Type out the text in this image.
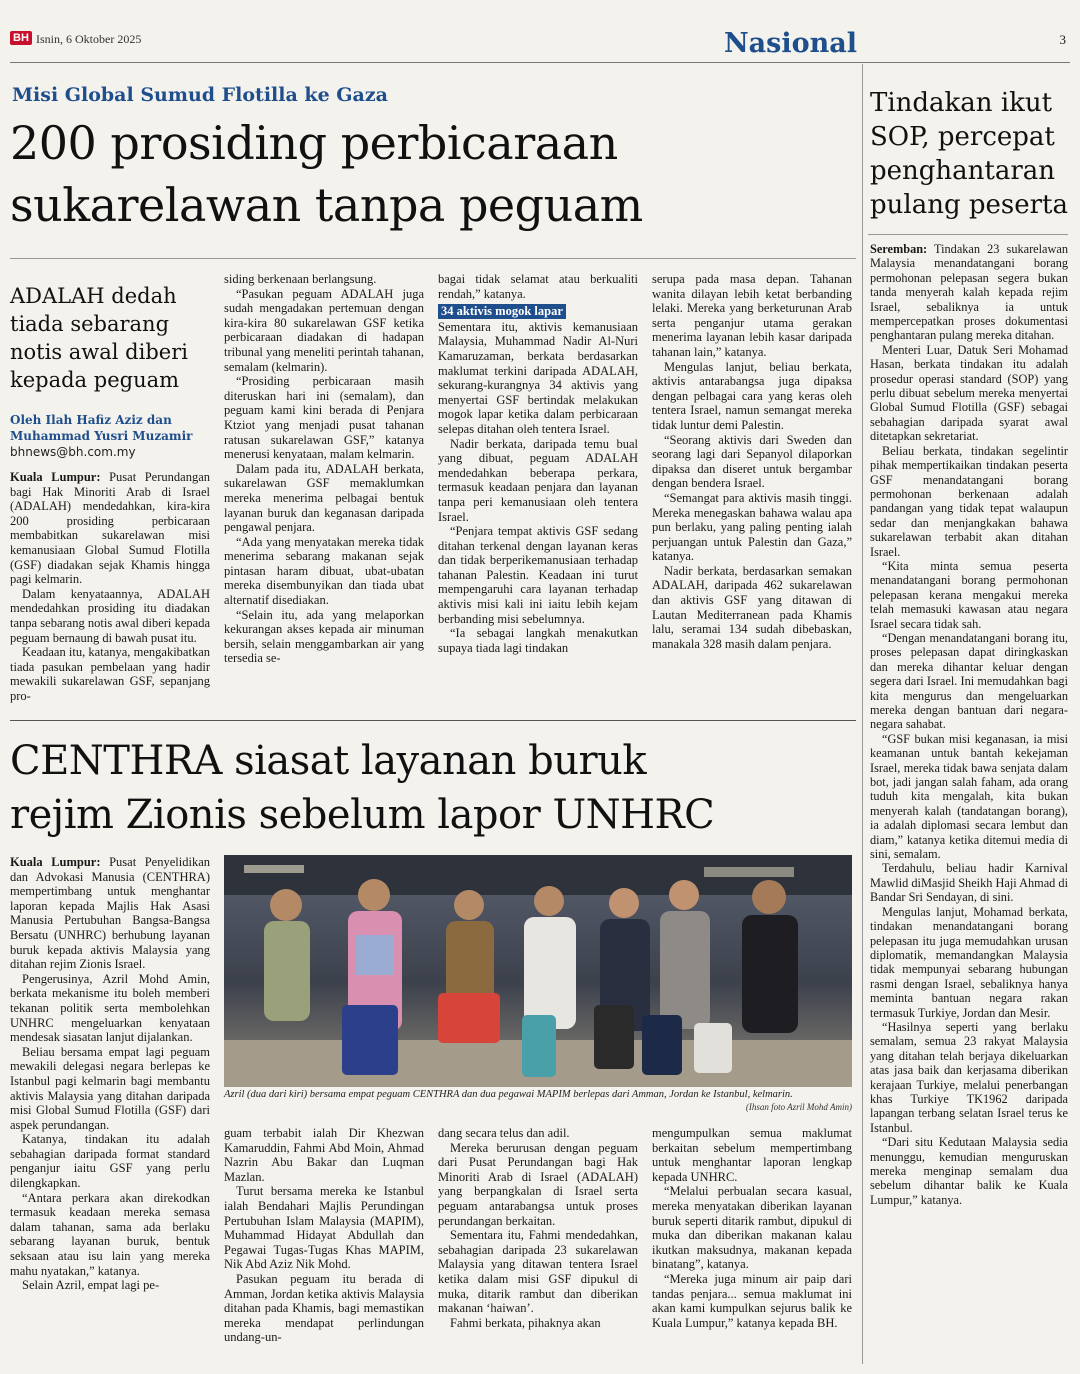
BH Isnin, 6 Oktober 2025	Nasional	3
Misi Global Sumud Flotilla ke Gaza
200 prosiding perbicaraan
sukarelawan tanpa peguam
ADALAH dedah
tiada sebarang
notis awal diberi
kepada peguam
Oleh Ilah Hafiz Aziz dan
Muhammad Yusri Muzamir
bhnews@bh.com.my

Kuala Lumpur: Pusat Perundangan bagi Hak Minoriti Arab di Israel (ADALAH) mendedahkan, kira-kira 200 prosiding perbicaraan membabitkan sukarelawan misi kemanusiaan Global Sumud Flotilla (GSF) diadakan sejak Khamis hingga pagi kelmarin.

Dalam kenyataannya, ADALAH mendedahkan prosiding itu diadakan tanpa sebarang notis awal diberi kepada peguam bernaung di bawah pusat itu.

Keadaan itu, katanya, mengakibatkan tiada pasukan pembelaan yang hadir mewakili sukarelawan GSF, sepanjang pro-

siding berkenaan berlangsung.

“Pasukan peguam ADALAH juga sudah mengadakan pertemuan dengan kira-kira 80 sukarelawan GSF ketika perbicaraan diadakan di hadapan tribunal yang meneliti perintah tahanan, semalam (kelmarin).

“Prosiding perbicaraan masih diteruskan hari ini (semalam), dan peguam kami kini berada di Penjara Ktziot yang menjadi pusat tahanan ratusan sukarelawan GSF,” katanya menerusi kenyataan, malam kelmarin.

Dalam pada itu, ADALAH berkata, sukarelawan GSF memaklumkan mereka menerima pelbagai bentuk layanan buruk dan keganasan daripada pengawal penjara.

“Ada yang menyatakan mereka tidak menerima sebarang makanan sejak pintasan haram dibuat, ubat-ubatan mereka disembunyikan dan tiada ubat alternatif disediakan.

“Selain itu, ada yang melaporkan kekurangan akses kepada air minuman bersih, selain menggambarkan air yang tersedia se-

bagai tidak selamat atau berkualiti rendah,” katanya.

34 aktivis mogok lapar

Sementara itu, aktivis kemanusiaan Malaysia, Muhammad Nadir Al-Nuri Kamaruzaman, berkata berdasarkan maklumat terkini daripada ADALAH, sekurang-kurangnya 34 aktivis yang menyertai GSF bertindak melakukan mogok lapar ketika dalam perbicaraan selepas ditahan oleh tentera Israel.

Nadir berkata, daripada temu bual yang dibuat, peguam ADALAH mendedahkan beberapa perkara, termasuk keadaan penjara dan layanan tanpa peri kemanusiaan oleh tentera Israel.

“Penjara tempat aktivis GSF sedang ditahan terkenal dengan layanan keras dan tidak berperikemanusiaan terhadap tahanan Palestin. Keadaan ini turut mempengaruhi cara layanan terhadap aktivis misi kali ini iaitu lebih kejam berbanding misi sebelumnya.

“Ia sebagai langkah menakutkan supaya tiada lagi tindakan

serupa pada masa depan. Tahanan wanita dilayan lebih ketat berbanding lelaki. Mereka yang berketurunan Arab serta penganjur utama gerakan menerima layanan lebih kasar daripada tahanan lain,” katanya.

Mengulas lanjut, beliau berkata, aktivis antarabangsa juga dipaksa dengan pelbagai cara yang keras oleh tentera Israel, namun semangat mereka tidak luntur demi Palestin.

“Seorang aktivis dari Sweden dan seorang lagi dari Sepanyol dilaporkan dipaksa dan diseret untuk bergambar dengan bendera Israel.

“Semangat para aktivis masih tinggi. Mereka menegaskan bahawa walau apa pun berlaku, yang paling penting ialah perjuangan untuk Palestin dan Gaza,” katanya.

Nadir berkata, berdasarkan semakan ADALAH, daripada 462 sukarelawan dan aktivis GSF yang ditawan di Lautan Mediterranean pada Khamis lalu, seramai 134 sudah dibebaskan, manakala 328 masih dalam penjara.

Tindakan ikut
SOP, percepat
penghantaran
pulang peserta

Seremban: Tindakan 23 sukarelawan Malaysia menandatangani borang permohonan pelepasan segera bukan tanda menyerah kalah kepada rejim Israel, sebaliknya ia untuk mempercepatkan proses dokumentasi penghantaran pulang mereka ditahan.

Menteri Luar, Datuk Seri Mohamad Hasan, berkata tindakan itu adalah prosedur operasi standard (SOP) yang perlu dibuat sebelum mereka menyertai Global Sumud Flotilla (GSF) sebagai sebahagian daripada syarat awal ditetapkan sekretariat.

Beliau berkata, tindakan segelintir pihak mempertikaikan tindakan peserta GSF menandatangani borang permohonan berkenaan adalah pandangan yang tidak tepat walaupun sedar dan menjangkakan bahawa sukarelawan terbabit akan ditahan Israel.

“Kita minta semua peserta menandatangani borang permohonan pelepasan kerana mengakui mereka telah memasuki kawasan atau negara Israel secara tidak sah.

“Dengan menandatangani borang itu, proses pelepasan dapat diringkaskan dan mereka dihantar keluar dengan segera dari Israel. Ini memudahkan bagi kita mengurus dan mengeluarkan mereka dengan bantuan dari negara-negara sahabat.

“GSF bukan misi keganasan, ia misi keamanan untuk bantah kekejaman Israel, mereka tidak bawa senjata dalam bot, jadi jangan salah faham, ada orang tuduh kita mengalah, kita bukan menyerah kalah (tandatangan borang), ia adalah diplomasi secara lembut dan diam,” katanya ketika ditemui media di sini, semalam.

Terdahulu, beliau hadir Karnival Mawlid diMasjid Sheikh Haji Ahmad di Bandar Sri Sendayan, di sini.

Mengulas lanjut, Mohamad berkata, tindakan menandatangani borang pelepasan itu juga memudahkan urusan diplomatik, memandangkan Malaysia tidak mempunyai sebarang hubungan rasmi dengan Israel, sebaliknya hanya meminta bantuan negara rakan termasuk Turkiye, Jordan dan Mesir.

“Hasilnya seperti yang berlaku semalam, semua 23 rakyat Malaysia yang ditahan telah berjaya dikeluarkan atas jasa baik dan kerjasama diberikan kerajaan Turkiye, melalui penerbangan khas Turkiye TK1962 daripada lapangan terbang selatan Israel terus ke Istanbul.

“Dari situ Kedutaan Malaysia sedia menunggu, kemudian menguruskan mereka menginap semalam dua sebelum dihantar balik ke Kuala Lumpur,” katanya.

CENTHRA siasat layanan buruk
rejim Zionis sebelum lapor UNHRC

Kuala Lumpur: Pusat Penyelidikan dan Advokasi Manusia (CENTHRA) mempertimbang untuk menghantar laporan kepada Majlis Hak Asasi Manusia Pertubuhan Bangsa-Bangsa Bersatu (UNHRC) berhubung layanan buruk kepada aktivis Malaysia yang ditahan rejim Zionis Israel.

Pengerusinya, Azril Mohd Amin, berkata mekanisme itu boleh memberi tekanan politik serta membolehkan UNHRC mengeluarkan kenyataan mendesak siasatan lanjut dijalankan.

Beliau bersama empat lagi peguam mewakili delegasi negara berlepas ke Istanbul pagi kelmarin bagi membantu aktivis Malaysia yang ditahan daripada misi Global Sumud Flotilla (GSF) dari aspek perundangan.

Katanya, tindakan itu adalah sebahagian daripada format standard penganjur iaitu GSF yang perlu dilengkapkan.

“Antara perkara akan direkodkan termasuk keadaan mereka semasa dalam tahanan, sama ada berlaku sebarang layanan buruk, bentuk seksaan atau isu lain yang mereka mahu nyatakan,” katanya.

Selain Azril, empat lagi pe-

Azril (dua dari kiri) bersama empat peguam CENTHRA dan dua pegawai MAPIM berlepas dari Amman, Jordan ke Istanbul, kelmarin.
(Ihsan foto Azril Mohd Amin)

guam terbabit ialah Dir Khezwan Kamaruddin, Fahmi Abd Moin, Ahmad Nazrin Abu Bakar dan Luqman Mazlan.

Turut bersama mereka ke Istanbul ialah Bendahari Majlis Perundingan Pertubuhan Islam Malaysia (MAPIM), Muhammad Hidayat Abdullah dan Pegawai Tugas-Tugas Khas MAPIM, Nik Abd Aziz Nik Mohd.

Pasukan peguam itu berada di Amman, Jordan ketika aktivis Malaysia ditahan pada Khamis, bagi memastikan mereka mendapat perlindungan undang-un-

dang secara telus dan adil.

Mereka berurusan dengan peguam dari Pusat Perundangan bagi Hak Minoriti Arab di Israel (ADALAH) yang berpangkalan di Israel serta peguam antarabangsa untuk proses perundangan berkaitan.

Sementara itu, Fahmi mendedahkan, sebahagian daripada 23 sukarelawan Malaysia yang ditawan tentera Israel ketika dalam misi GSF dipukul di muka, ditarik rambut dan diberikan makanan ‘haiwan’.

Fahmi berkata, pihaknya akan

mengumpulkan semua maklumat berkaitan sebelum mempertimbang untuk menghantar laporan lengkap kepada UNHRC.

“Melalui perbualan secara kasual, mereka menyatakan diberikan layanan buruk seperti ditarik rambut, dipukul di muka dan diberikan makanan kalau ikutkan maksudnya, makanan kepada binatang”, katanya.

“Mereka juga minum air paip dari tandas penjara... semua maklumat ini akan kami kumpulkan sejurus balik ke Kuala Lumpur,” katanya kepada BH.
